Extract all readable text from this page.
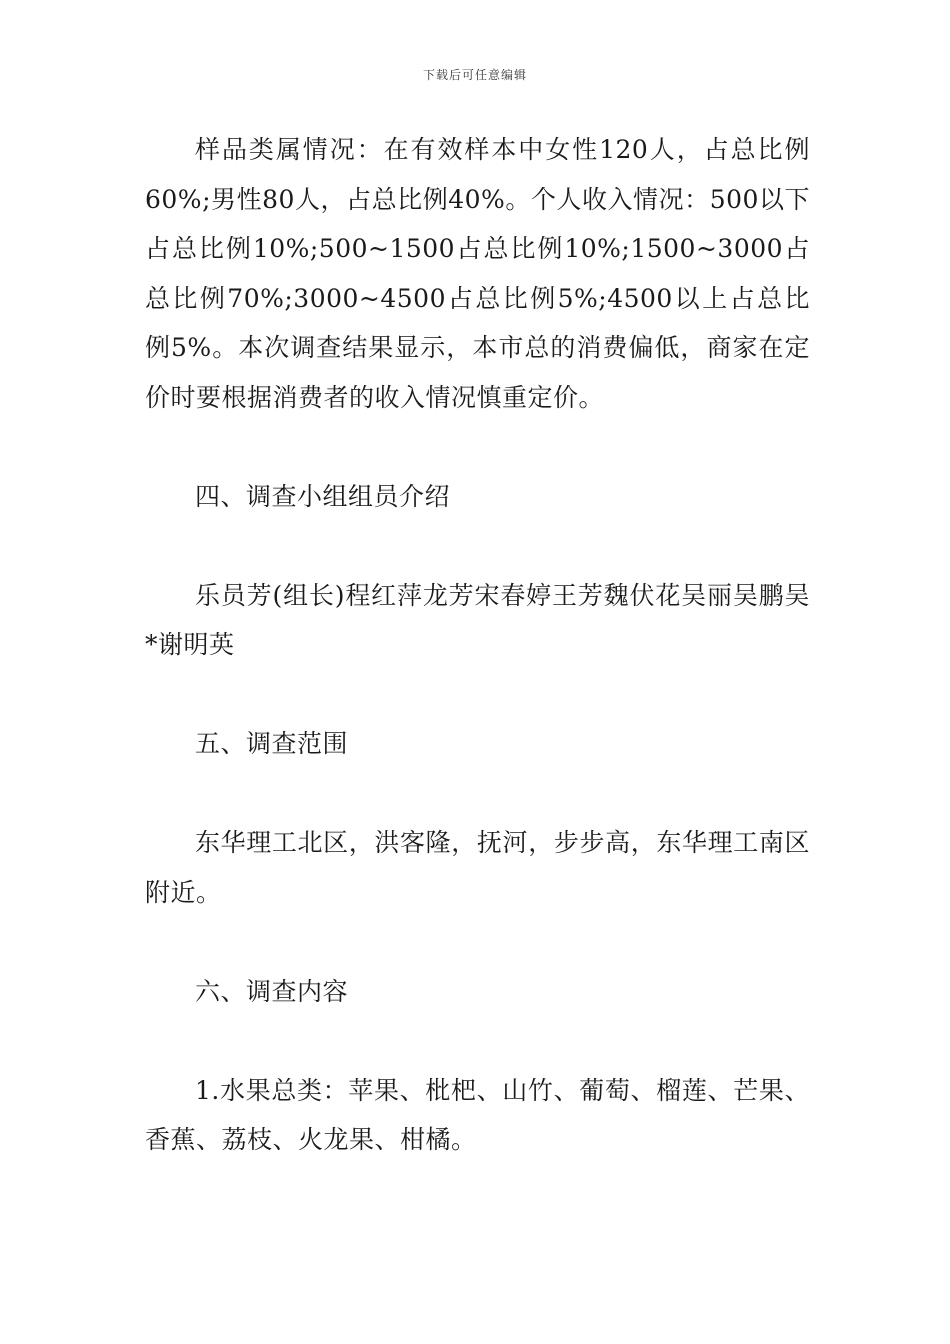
下载后可任意编辑

样品类属情况：在有效样本中女性120人，占总比例60%;男性80人，占总比例40%。个人收入情况：500以下占总比例10%;500~1500占总比例10%;1500~3000占总比例70%;3000~4500占总比例5%;4500以上占总比例5%。本次调查结果显示，本市总的消费偏低，商家在定价时要根据消费者的收入情况慎重定价。

四、调查小组组员介绍

乐员芳(组长)程红萍龙芳宋春婷王芳魏伏花吴丽吴鹏吴*谢明英

五、调查范围

东华理工北区，洪客隆，抚河，步步高，东华理工南区附近。

六、调查内容

1.水果总类：苹果、枇杷、山竹、葡萄、榴莲、芒果、香蕉、荔枝、火龙果、柑橘。
